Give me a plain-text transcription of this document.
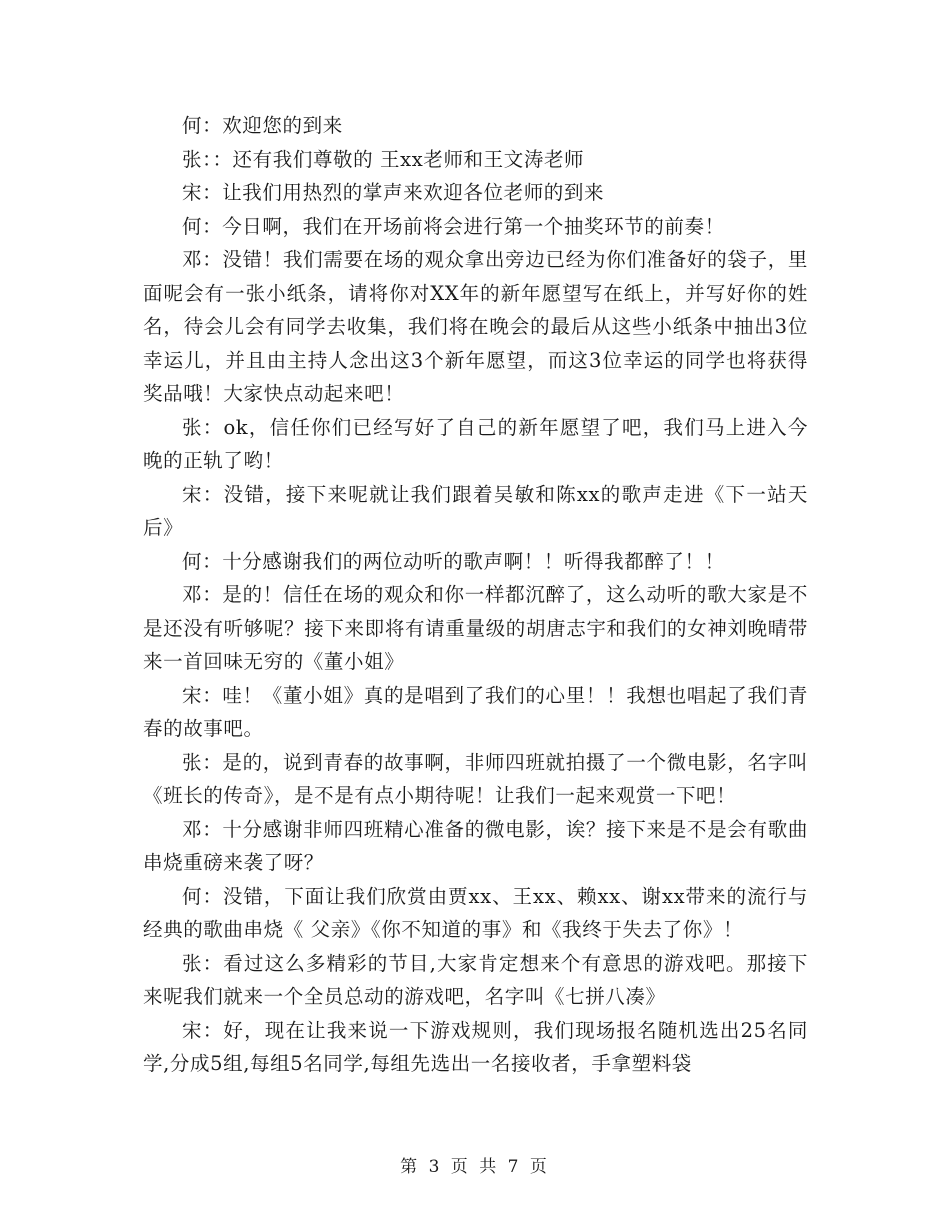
何：欢迎您的到来

张：：还有我们尊敬的 王xx老师和王文涛老师

宋：让我们用热烈的掌声来欢迎各位老师的到来

何：今日啊，我们在开场前将会进行第一个抽奖环节的前奏！

邓：没错！我们需要在场的观众拿出旁边已经为你们准备好的袋子，里面呢会有一张小纸条，请将你对XX年的新年愿望写在纸上，并写好你的姓名，待会儿会有同学去收集，我们将在晚会的最后从这些小纸条中抽出3位幸运儿，并且由主持人念出这3个新年愿望，而这3位幸运的同学也将获得奖品哦！大家快点动起来吧！

张：ok，信任你们已经写好了自己的新年愿望了吧，我们马上进入今晚的正轨了哟！

宋：没错，接下来呢就让我们跟着吴敏和陈xx的歌声走进《下一站天后》

何：十分感谢我们的两位动听的歌声啊！！听得我都醉了！！

邓：是的！信任在场的观众和你一样都沉醉了，这么动听的歌大家是不是还没有听够呢？接下来即将有请重量级的胡唐志宇和我们的女神刘晚晴带来一首回味无穷的《董小姐》

宋：哇！《董小姐》真的是唱到了我们的心里！！我想也唱起了我们青春的故事吧。

张：是的，说到青春的故事啊，非师四班就拍摄了一个微电影，名字叫《班长的传奇》，是不是有点小期待呢！让我们一起来观赏一下吧！

邓：十分感谢非师四班精心准备的微电影，诶？接下来是不是会有歌曲串烧重磅来袭了呀？

何：没错，下面让我们欣赏由贾xx、王xx、赖xx、谢xx带来的流行与经典的歌曲串烧《 父亲》《你不知道的事》和《我终于失去了你》！

张：看过这么多精彩的节目,大家肯定想来个有意思的游戏吧。那接下来呢我们就来一个全员总动的游戏吧，名字叫《七拼八凑》

宋：好，现在让我来说一下游戏规则，我们现场报名随机选出25名同学,分成5组,每组5名同学,每组先选出一名接收者，手拿塑料袋

第 3 页 共 7 页
